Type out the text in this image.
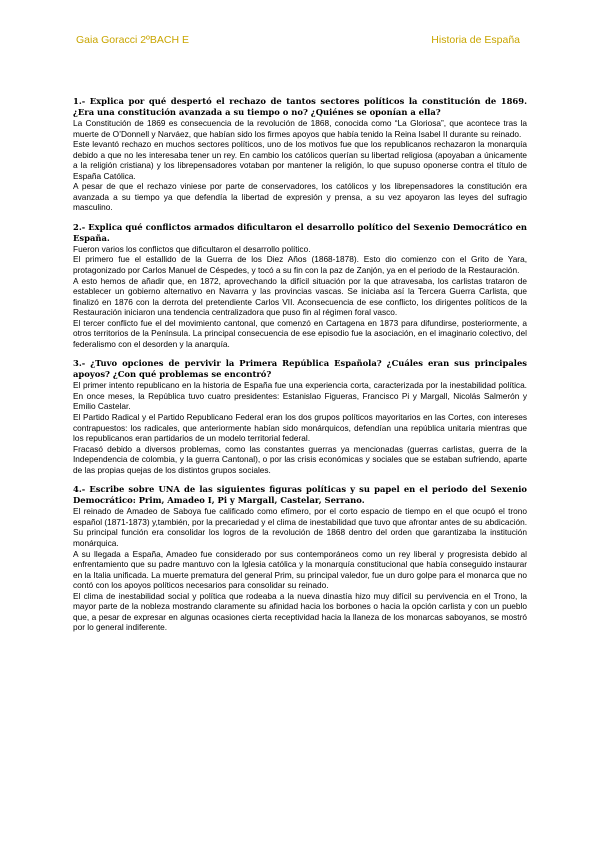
Gaia Goracci 2ºBACH E	Historia de España

1.- Explica por qué despertó el rechazo de tantos sectores políticos la constitución de 1869. ¿Era una constitución avanzada a su tiempo o no? ¿Quiénes se oponían a ella?

La Constitución de 1869 es consecuencia de la revolución de 1868, conocida como “La Gloriosa”, que acontece tras la muerte de O’Donnell y Narváez, que habían sido los firmes apoyos que había tenido la Reina Isabel II durante su reinado.

Este levantó rechazo en muchos sectores políticos, uno de los motivos fue que los republicanos rechazaron la monarquía debido a que no les interesaba tener un rey. En cambio los católicos querían su libertad religiosa (apoyaban a únicamente a la religión cristiana) y los librepensadores votaban por mantener la religión, lo que supuso oponerse contra el título de España Católica.

A pesar de que el rechazo viniese por parte de conservadores, los católicos y los librepensadores la constitución era avanzada a su tiempo ya que defendía la libertad de expresión y prensa, a su vez apoyaron las leyes del sufragio masculino.

2.- Explica qué conflictos armados dificultaron el desarrollo político del Sexenio Democrático en España.

Fueron varios los conflictos que dificultaron el desarrollo político.

El primero fue el estallido de la Guerra de los Diez Años (1868-1878). Esto dio comienzo con el Grito de Yara, protagonizado por Carlos Manuel de Céspedes, y tocó a su fin con la paz de Zanjón, ya en el periodo de la Restauración.

A esto hemos de añadir que, en 1872, aprovechando la difícil situación por la que atravesaba, los carlistas trataron de establecer un gobierno alternativo en Navarra y las provincias vascas. Se iniciaba así la Tercera Guerra Carlista, que finalizó en 1876 con la derrota del pretendiente Carlos VII. Aconsecuencia de ese conflicto, los dirigentes políticos de la Restauración iniciaron una tendencia centralizadora que puso fin al régimen foral vasco.

El tercer conflicto fue el del movimiento cantonal, que comenzó en Cartagena en 1873 para difundirse, posteriormente, a otros territorios de la Península. La principal consecuencia de ese episodio fue la asociación, en el imaginario colectivo, del federalismo con el desorden y la anarquía.

3.- ¿Tuvo opciones de pervivir la Primera República Española? ¿Cuáles eran sus principales apoyos? ¿Con qué problemas se encontró?

El primer intento republicano en la historia de España fue una experiencia corta, caracterizada por la inestabilidad política. En once meses, la República tuvo cuatro presidentes: Estanislao Figueras, Francisco Pi y Margall, Nicolás Salmerón y Emilio Castelar.

El Partido Radical y el Partido Republicano Federal eran los dos grupos políticos mayoritarios en las Cortes, con intereses contrapuestos: los radicales, que anteriormente habían sido monárquicos, defendían una república unitaria mientras que los republicanos eran partidarios de un modelo territorial federal.

Fracasó debido a diversos problemas, como las constantes guerras ya mencionadas (guerras carlistas, guerra de la Independencia de colombia, y la guerra Cantonal), o por las crisis económicas y sociales que se estaban sufriendo, aparte de las propias quejas de los distintos grupos sociales.

4.- Escribe sobre UNA de las siguientes figuras políticas y su papel en el periodo del Sexenio Democrático: Prim, Amadeo I, Pi y Margall, Castelar, Serrano.

El reinado de Amadeo de Saboya fue calificado como efímero, por el corto espacio de tiempo en el que ocupó el trono español (1871-1873) y,también, por la precariedad y el clima de inestabilidad que tuvo que afrontar antes de su abdicación. Su principal función era consolidar los logros de la revolución de 1868 dentro del orden que garantizaba la institución monárquica.

A su llegada a España, Amadeo fue considerado por sus contemporáneos como un rey liberal y progresista debido al enfrentamiento que su padre mantuvo con la Iglesia católica y la monarquía constitucional que había conseguido instaurar en la Italia unificada. La muerte prematura del general Prim, su principal valedor, fue un duro golpe para el monarca que no contó con los apoyos políticos necesarios para consolidar su reinado.

El clima de inestabilidad social y política que rodeaba a la nueva dinastía hizo muy difícil su pervivencia en el Trono, la mayor parte de la nobleza mostrando claramente su afinidad hacia los borbones o hacia la opción carlista y con un pueblo que, a pesar de expresar en algunas ocasiones cierta receptividad hacia la llaneza de los monarcas saboyanos, se mostró por lo general indiferente.
